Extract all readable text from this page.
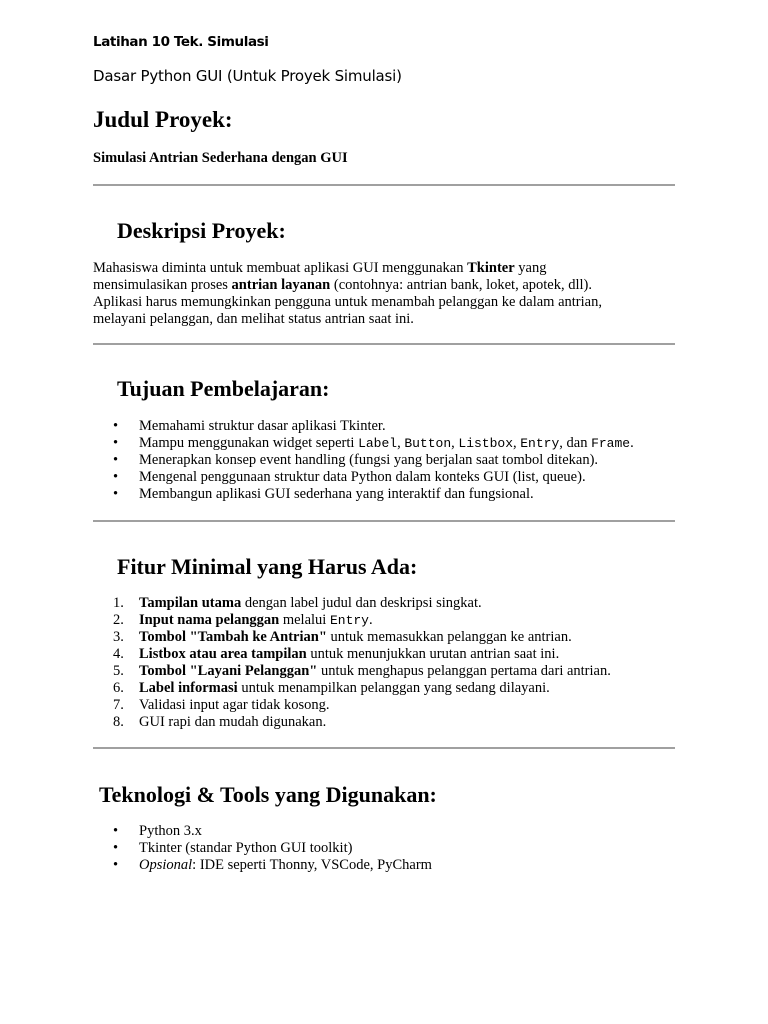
Latihan 10 Tek. Simulasi
Dasar Python GUI (Untuk Proyek Simulasi)
Judul Proyek:
Simulasi Antrian Sederhana dengan GUI
Deskripsi Proyek:

Mahasiswa diminta untuk membuat aplikasi GUI menggunakan Tkinter yang
mensimulasikan proses antrian layanan (contohnya: antrian bank, loket, apotek, dll).
Aplikasi harus memungkinkan pengguna untuk menambah pelanggan ke dalam antrian,
melayani pelanggan, dan melihat status antrian saat ini.

Tujuan Pembelajaran:
• Memahami struktur dasar aplikasi Tkinter.
• Mampu menggunakan widget seperti Label, Button, Listbox, Entry, dan Frame.
• Menerapkan konsep event handling (fungsi yang berjalan saat tombol ditekan).
• Mengenal penggunaan struktur data Python dalam konteks GUI (list, queue).
• Membangun aplikasi GUI sederhana yang interaktif dan fungsional.
Fitur Minimal yang Harus Ada:
1.	Tampilan utama dengan label judul dan deskripsi singkat.
2.	Input nama pelanggan melalui Entry.
3.	Tombol "Tambah ke Antrian" untuk memasukkan pelanggan ke antrian.
4.	Listbox atau area tampilan untuk menunjukkan urutan antrian saat ini.
5.	Tombol "Layani Pelanggan" untuk menghapus pelanggan pertama dari antrian.
6.	Label informasi untuk menampilkan pelanggan yang sedang dilayani.
7.	Validasi input agar tidak kosong.
8.	GUI rapi dan mudah digunakan.
Teknologi & Tools yang Digunakan:
• Python 3.x
• Tkinter (standar Python GUI toolkit)
• Opsional: IDE seperti Thonny, VSCode, PyCharm
